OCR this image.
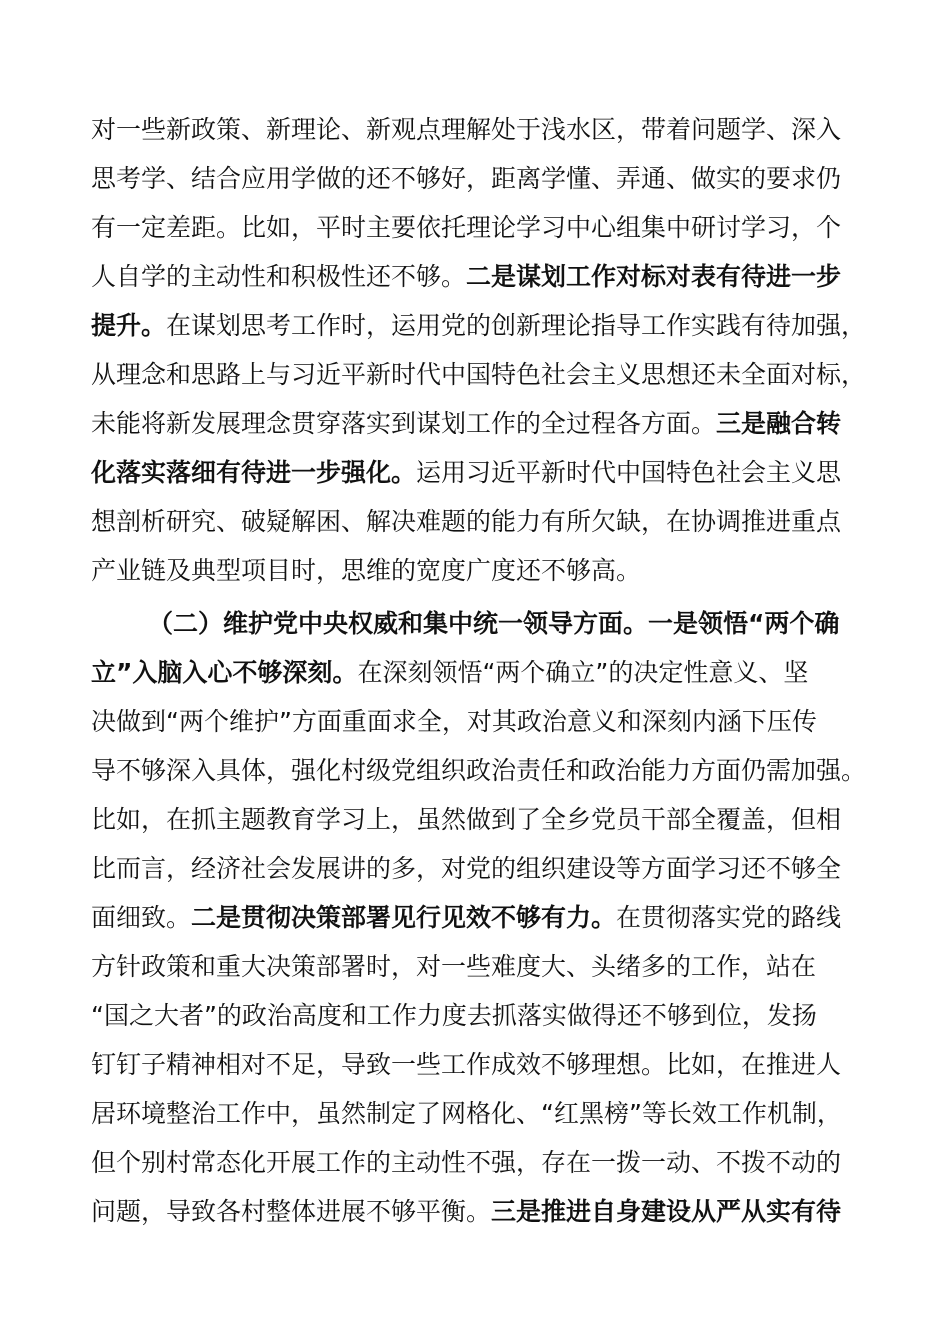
对一些新政策、新理论、新观点理解处于浅水区，带着问题学、深入
思考学、结合应用学做的还不够好，距离学懂、弄通、做实的要求仍
有一定差距。比如，平时主要依托理论学习中心组集中研讨学习，个
人自学的主动性和积极性还不够。二是谋划工作对标对表有待进一步
提升。在谋划思考工作时，运用党的创新理论指导工作实践有待加强，
从理念和思路上与习近平新时代中国特色社会主义思想还未全面对标，
未能将新发展理念贯穿落实到谋划工作的全过程各方面。三是融合转
化落实落细有待进一步强化。运用习近平新时代中国特色社会主义思
想剖析研究、破疑解困、解决难题的能力有所欠缺，在协调推进重点
产业链及典型项目时，思维的宽度广度还不够高。
（二）维护党中央权威和集中统一领导方面。一是领悟“两个确
立”入脑入心不够深刻。在深刻领悟“两个确立”的决定性意义、坚
决做到“两个维护”方面重面求全，对其政治意义和深刻内涵下压传
导不够深入具体，强化村级党组织政治责任和政治能力方面仍需加强。
比如，在抓主题教育学习上，虽然做到了全乡党员干部全覆盖，但相
比而言，经济社会发展讲的多，对党的组织建设等方面学习还不够全
面细致。二是贯彻决策部署见行见效不够有力。在贯彻落实党的路线
方针政策和重大决策部署时，对一些难度大、头绪多的工作，站在
“国之大者”的政治高度和工作力度去抓落实做得还不够到位，发扬
钉钉子精神相对不足，导致一些工作成效不够理想。比如，在推进人
居环境整治工作中，虽然制定了网格化、“红黑榜”等长效工作机制，
但个别村常态化开展工作的主动性不强，存在一拨一动、不拨不动的
问题，导致各村整体进展不够平衡。三是推进自身建设从严从实有待
